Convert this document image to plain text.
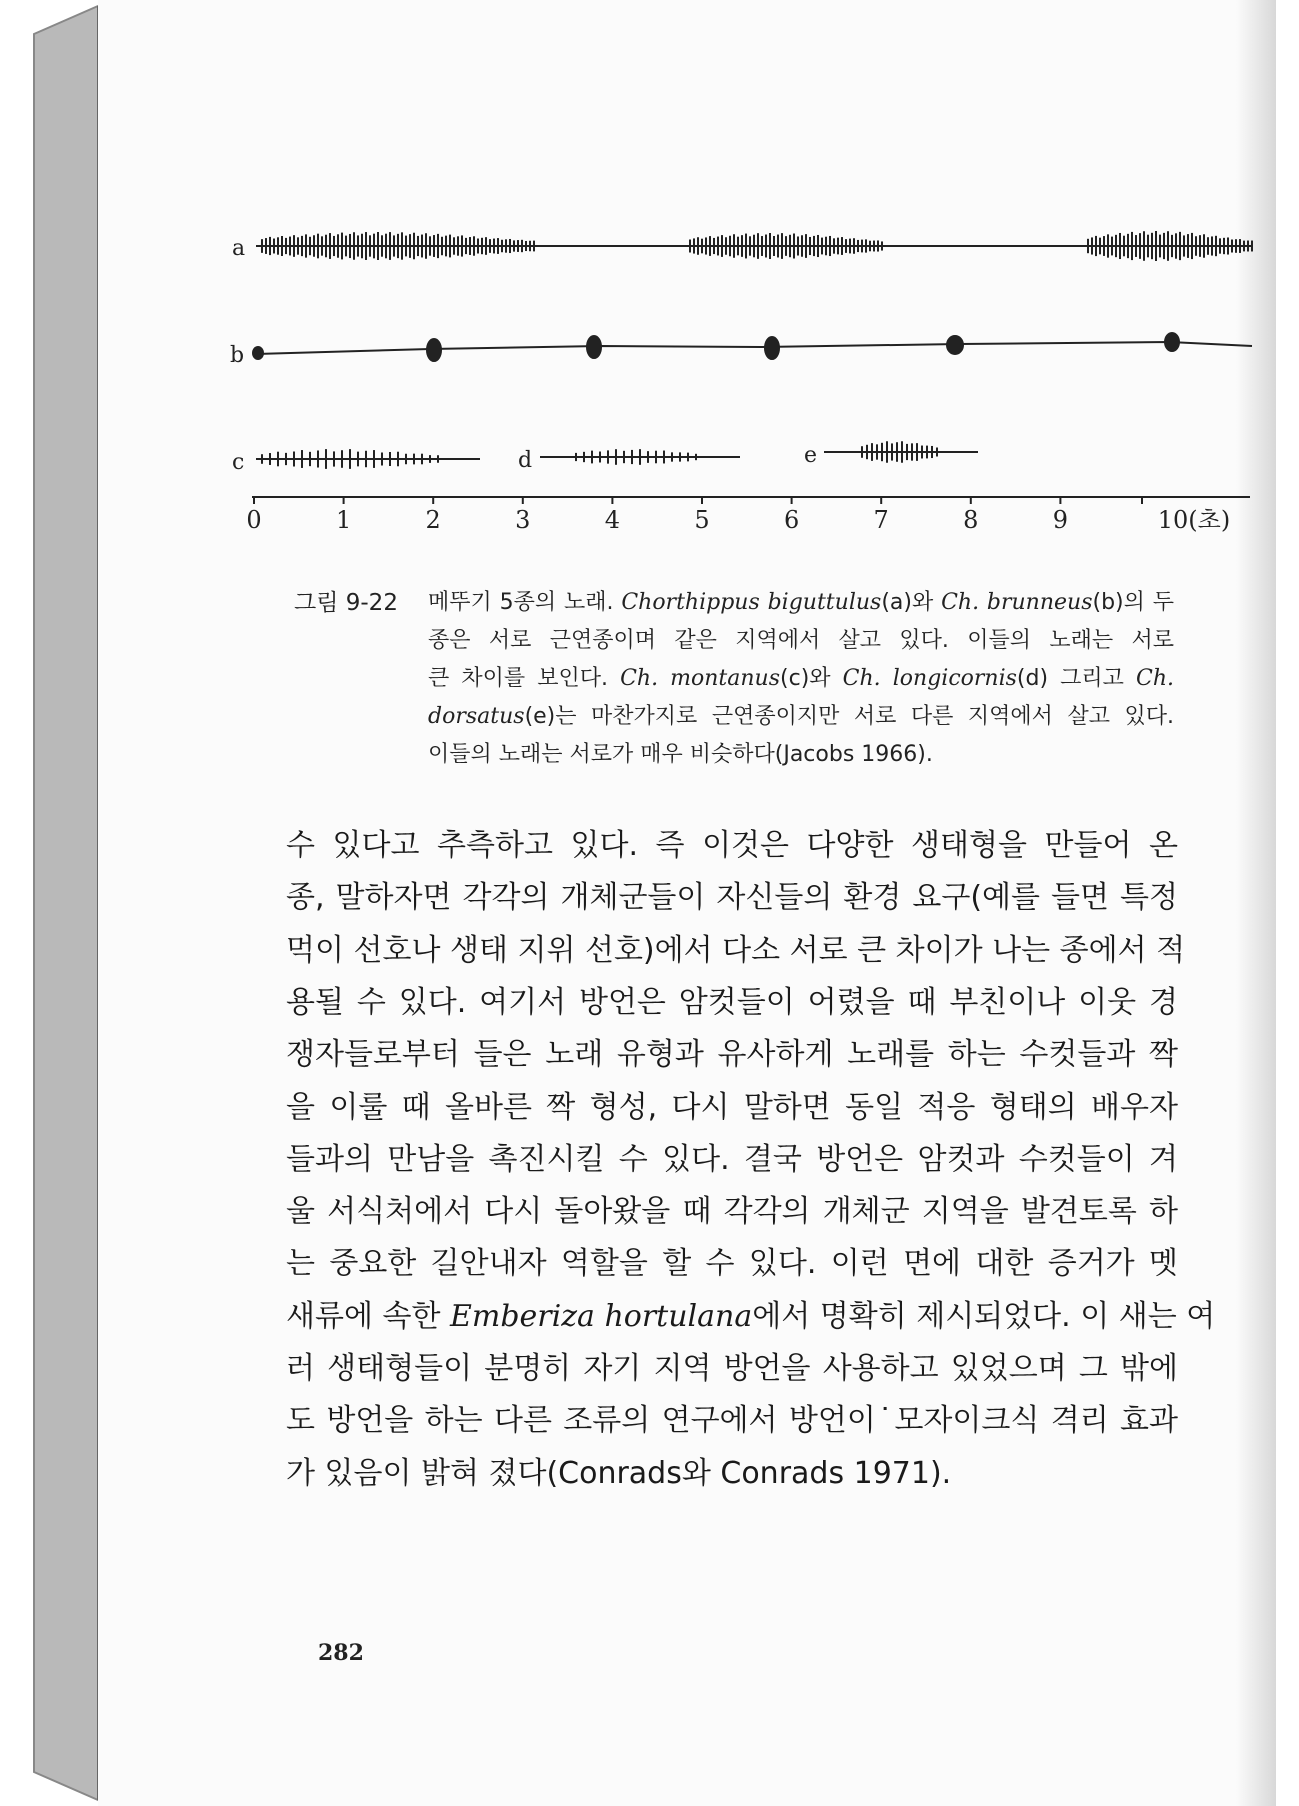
a
b
c	d	e
0	1	2	3	4	5	6	7	8	9	10(초)
그림 9-22	메뚜기 5종의 노래. Chorthippus biguttulus(a)와 Ch. brunneus(b)의 두
종은 서로 근연종이며 같은 지역에서 살고 있다. 이들의 노래는 서로
큰 차이를 보인다. Ch. montanus(c)와 Ch. longicornis(d) 그리고 Ch.
dorsatus(e)는 마찬가지로 근연종이지만 서로 다른 지역에서 살고 있다.
이들의 노래는 서로가 매우 비슷하다(Jacobs 1966).
수 있다고 추측하고 있다. 즉 이것은 다양한 생태형을 만들어 온
종, 말하자면 각각의 개체군들이 자신들의 환경 요구(예를 들면 특정
먹이 선호나 생태 지위 선호)에서 다소 서로 큰 차이가 나는 종에서 적
용될 수 있다. 여기서 방언은 암컷들이 어렸을 때 부친이나 이웃 경
쟁자들로부터 들은 노래 유형과 유사하게 노래를 하는 수컷들과 짝
을 이룰 때 올바른 짝 형성, 다시 말하면 동일 적응 형태의 배우자
들과의 만남을 촉진시킬 수 있다. 결국 방언은 암컷과 수컷들이 겨
울 서식처에서 다시 돌아왔을 때 각각의 개체군 지역을 발견토록 하
는 중요한 길안내자 역할을 할 수 있다. 이런 면에 대한 증거가 멧
새류에 속한 Emberiza hortulana에서 명확히 제시되었다. 이 새는 여
러 생태형들이 분명히 자기 지역 방언을 사용하고 있었으며 그 밖에
도 방언을 하는 다른 조류의 연구에서 방언이˙모자이크식 격리 효과
가 있음이 밝혀 졌다(Conrads와 Conrads 1971).
282
